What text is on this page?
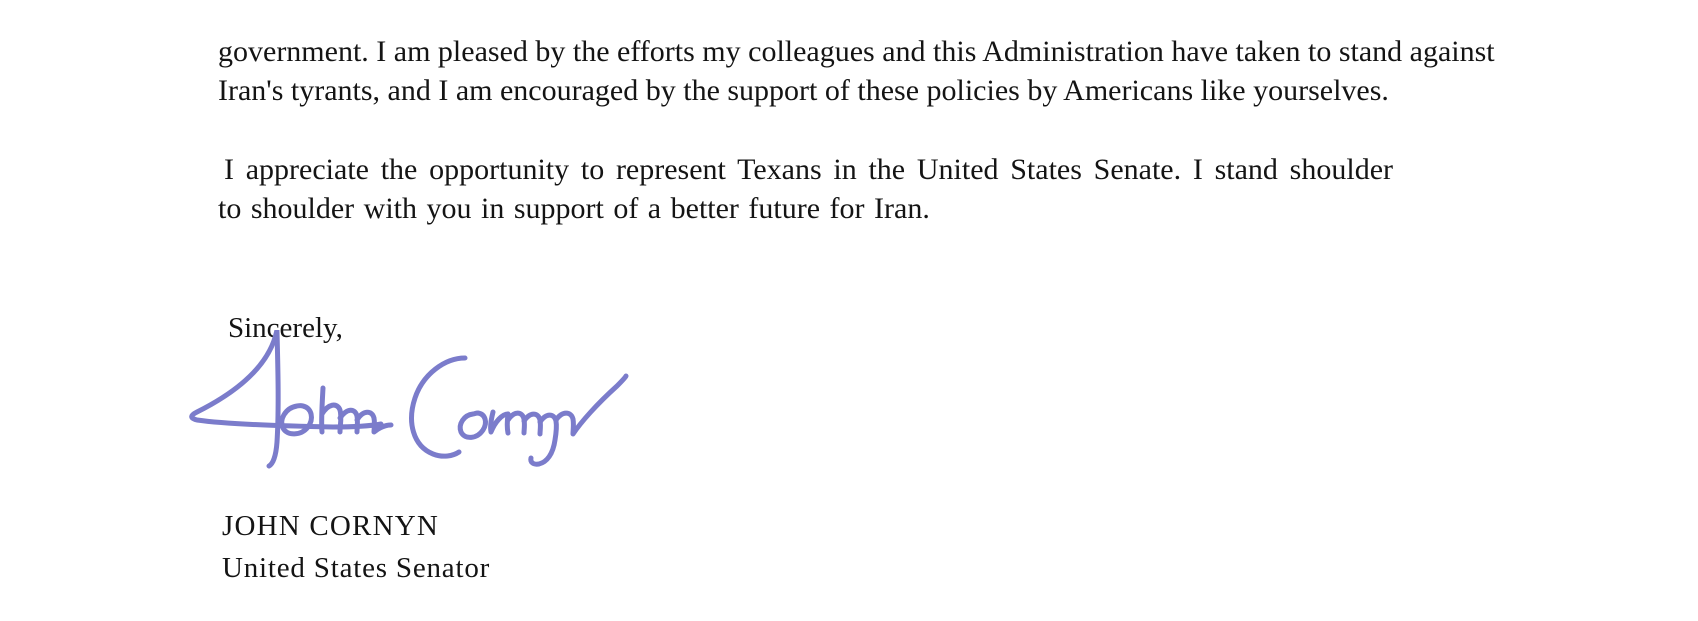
government. I am pleased by the efforts my colleagues and this Administration have taken to stand against Iran's tyrants, and I am encouraged by the support of these policies by Americans like yourselves.

I appreciate the opportunity to represent Texans in the United States Senate. I stand shoulder to shoulder with you in support of a better future for Iran.

Sincerely,
JOHN CORNYN
United States Senator
